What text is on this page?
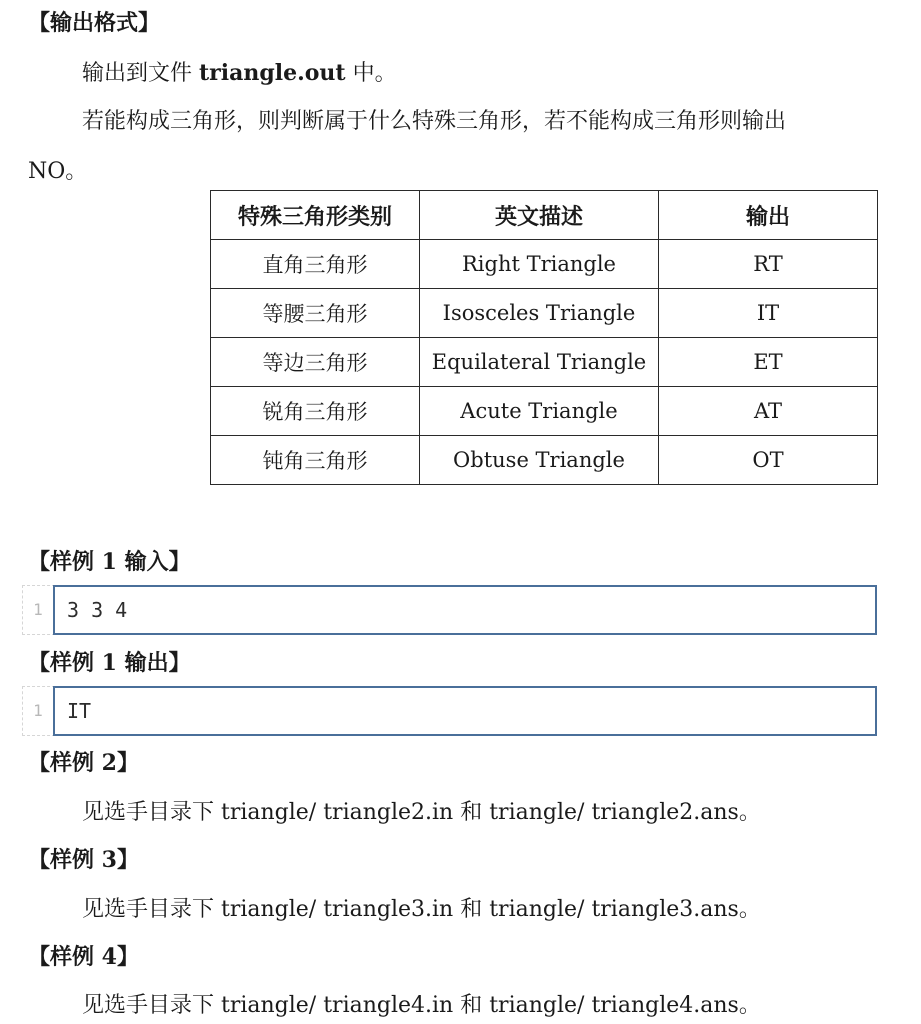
【输出格式】
输出到文件 triangle.out 中。
若能构成三角形，则判断属于什么特殊三角形，若不能构成三角形则输出
NO。
特殊三角形类别	英文描述	输出
直角三角形	Right Triangle	RT
等腰三角形	Isosceles Triangle	IT
等边三角形	Equilateral Triangle	ET
锐角三角形	Acute Triangle	AT
钝角三角形	Obtuse Triangle	OT
【样例 1 输入】
1	3 3 4
【样例 1 输出】
1	IT
【样例 2】
见选手目录下 triangle/ triangle2.in 和 triangle/ triangle2.ans。
【样例 3】
见选手目录下 triangle/ triangle3.in 和 triangle/ triangle3.ans。
【样例 4】
见选手目录下 triangle/ triangle4.in 和 triangle/ triangle4.ans。
